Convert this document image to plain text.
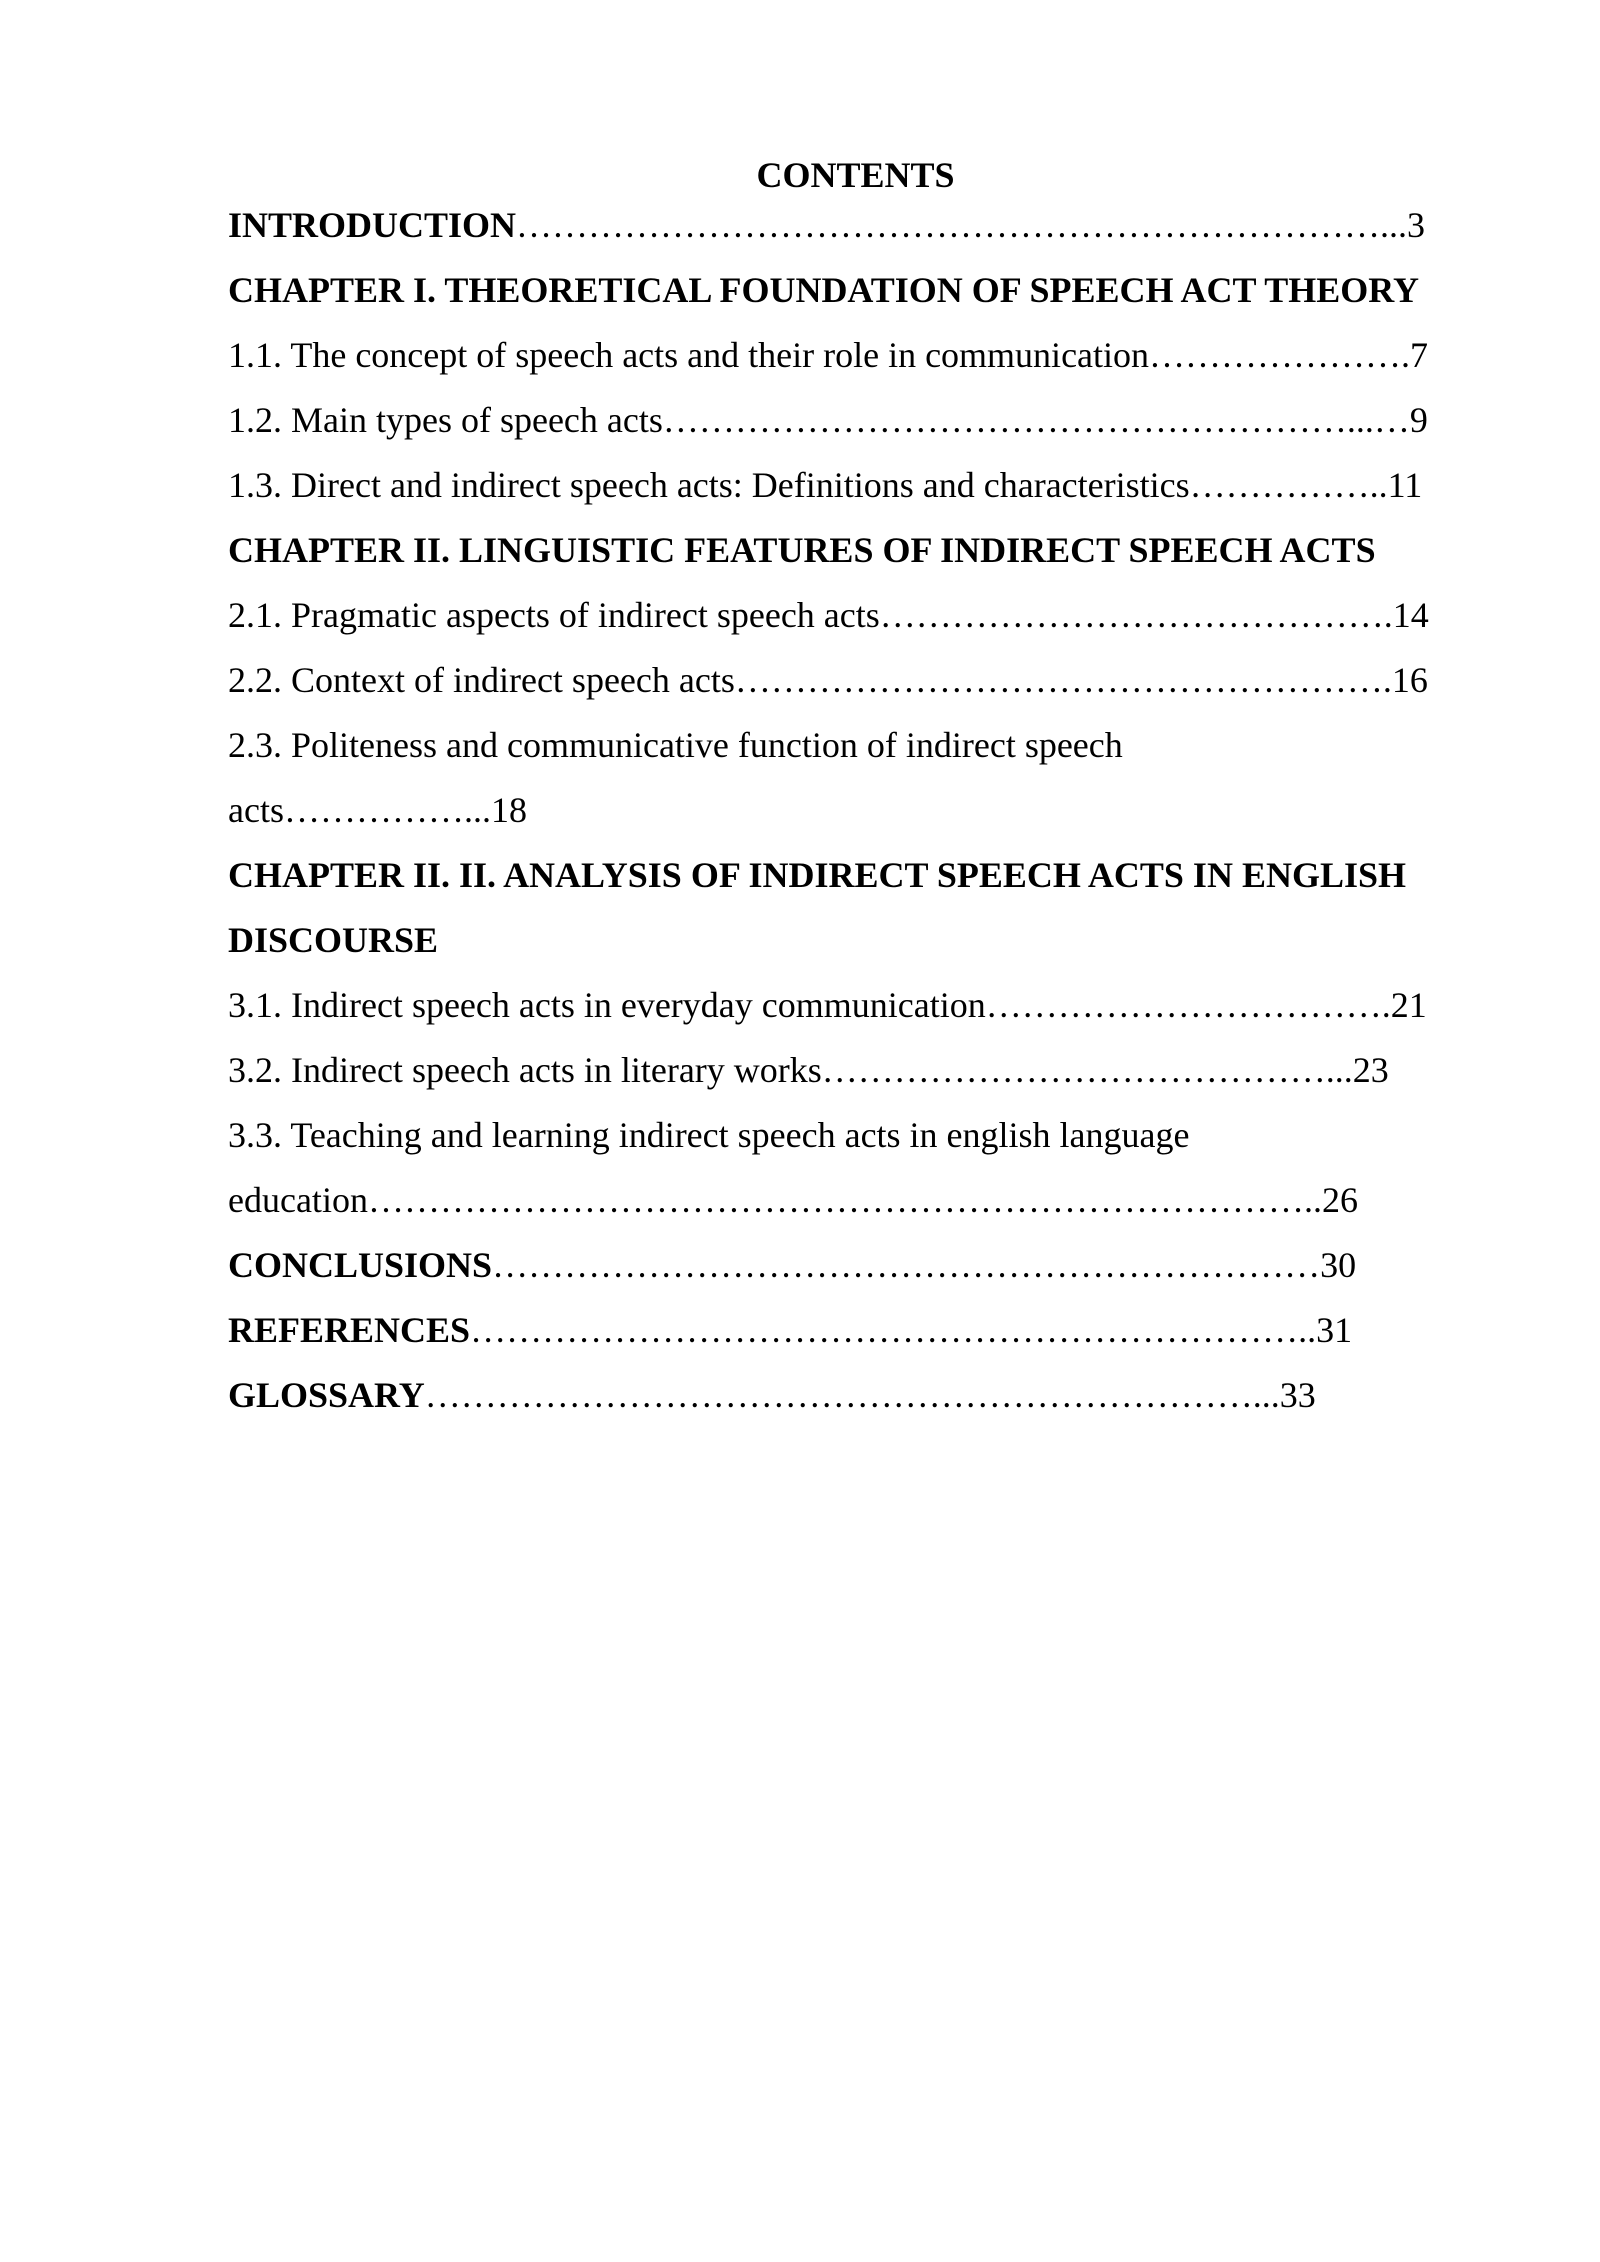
CONTENTS
INTRODUCTION………………………………………………………………...3
CHAPTER I. THEORETICAL FOUNDATION OF SPEECH ACT THEORY
1.1. The concept of speech acts and their role in communication………………….7
1.2. Main types of speech acts…………………………………………………...…9
1.3. Direct and indirect speech acts: Definitions and characteristics……………..11
CHAPTER II. LINGUISTIC FEATURES OF INDIRECT SPEECH ACTS
2.1. Pragmatic aspects of indirect speech acts…………………………………….14
2.2. Context of indirect speech acts……………………………………………….16
2.3. Politeness and communicative function of indirect speech
acts……………...18
CHAPTER II. II. ANALYSIS OF INDIRECT SPEECH ACTS IN ENGLISH
DISCOURSE
3.1. Indirect speech acts in everyday communication…………………………….21
3.2. Indirect speech acts in literary works……………………………………...23
3.3. Teaching and learning indirect speech acts in english language
education……………………………………………………………………..26
CONCLUSIONS……………………………………………………………30
REFERENCES……………………………………………………………..31
GLOSSARY……………………………………………………………...33
